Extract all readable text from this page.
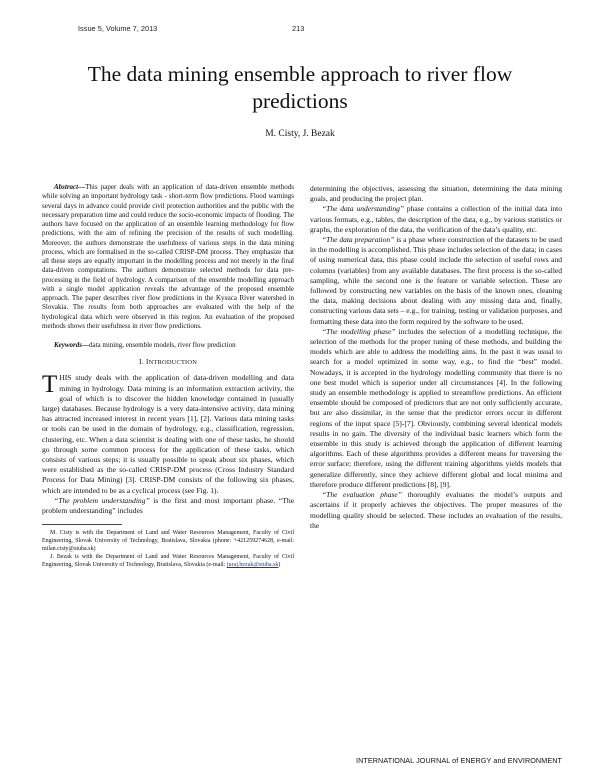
Issue 5, Volume 7, 2013	213
The data mining ensemble approach to river flow predictions
M. Cisty, J. Bezak

Abstract—This paper deals with an application of data-driven ensemble methods while solving an important hydrology task - short-term flow predictions. Flood warnings several days in advance could provide civil protection authorities and the public with the necessary preparation time and could reduce the socio-economic impacts of flooding. The authors have focused on the application of an ensemble learning methodology for flow predictions, with the aim of refining the precision of the results of such modelling. Moreover, the authors demonstrate the usefulness of various steps in the data mining process, which are formalised in the so-called CRISP-DM process. They emphasize that all these steps are equally important in the modelling process and not merely in the final data-driven computations. The authors demonstrate selected methods for data pre-processing in the field of hydrology. A comparison of the ensemble modelling approach with a single model application reveals the advantage of the proposed ensemble approach. The paper describes river flow predictions in the Kysuca River watershed in Slovakia. The results from both approaches are evaluated with the help of the hydrological data which were observed in this region. An evaluation of the proposed methods shows their usefulness in river flow predictions.

Keywords—data mining, ensemble models, river flow prediction

I. INTRODUCTION

THIS study deals with the application of data-driven modelling and data mining in hydrology. Data mining is an information extraction activity, the goal of which is to discover the hidden knowledge contained in (usually large) databases. Because hydrology is a very data-intensive activity, data mining has attracted increased interest in recent years [1], [2]. Various data mining tasks or tools can be used in the domain of hydrology, e.g., classification, regression, clustering, etc. When a data scientist is dealing with one of these tasks, he should go through some common process for the application of these tasks, which consists of various steps; it is usually possible to speak about six phases, which were established as the so-called CRISP-DM process (Cross Industry Standard Process for Data Mining) [3]. CRISP-DM consists of the following six phases, which are intended to be as a cyclical process (see Fig. 1).

“The problem understanding” is the first and most important phase. “The problem understanding” includes

M. Cisty is with the Department of Land and Water Resources Management, Faculty of Civil Engineering, Slovak University of Technology, Bratislava, Slovakia (phone: +421259274628, e-mail: milan.cisty@stuba.sk)

J. Bezak is with the Department of Land and Water Resources Management, Faculty of Civil Engineering, Slovak University of Technology, Bratislava, Slovakia (e-mail: juraj.bezak@stuba.sk)

determining the objectives, assessing the situation, determining the data mining goals, and producing the project plan.

“The data understanding” phase contains a collection of the initial data into various formats, e.g., tables, the description of the data, e.g., by various statistics or graphs, the exploration of the data, the verification of the data’s quality, etc.

“The data preparation” is a phase where construction of the datasets to be used in the modelling is accomplished. This phase includes selection of the data; in cases of using numerical data, this phase could include the selection of useful rows and columns (variables) from any available databases. The first process is the so-called sampling, while the second one is the feature or variable selection. These are followed by constructing new variables on the basis of the known ones, cleaning the data, making decisions about dealing with any missing data and, finally, constructing various data sets – e.g., for training, testing or validation purposes, and formatting these data into the form required by the software to be used.

“The modelling phase” includes the selection of a modelling technique, the selection of the methods for the proper tuning of these methods, and building the models which are able to address the modelling aims. In the past it was usual to search for a model optimized in some way, e.g., to find the “best” model. Nowadays, it is accepted in the hydrology modelling community that there is no one best model which is superior under all circumstances [4]. In the following study an ensemble methodology is applied to streamflow predictions. An efficient ensemble should be composed of predictors that are not only sufficiently accurate, but are also dissimilar, in the sense that the predictor errors occur in different regions of the input space [5]-[7]. Obviously, combining several identical models results in no gain. The diversity of the individual basic learners which form the ensemble in this study is achieved through the application of different learning algorithms. Each of these algorithms provides a different means for traversing the error surface; therefore, using the different training algorithms yields models that generalize differently, since they achieve different global and local minima and therefore produce different predictions [8], [9].

“The evaluation phase” thoroughly evaluates the model’s outputs and ascertains if it properly achieves the objectives. The proper measures of the modelling quality should be selected. These includes an evaluation of the results, the

INTERNATIONAL JOURNAL of ENERGY and ENVIRONMENT
